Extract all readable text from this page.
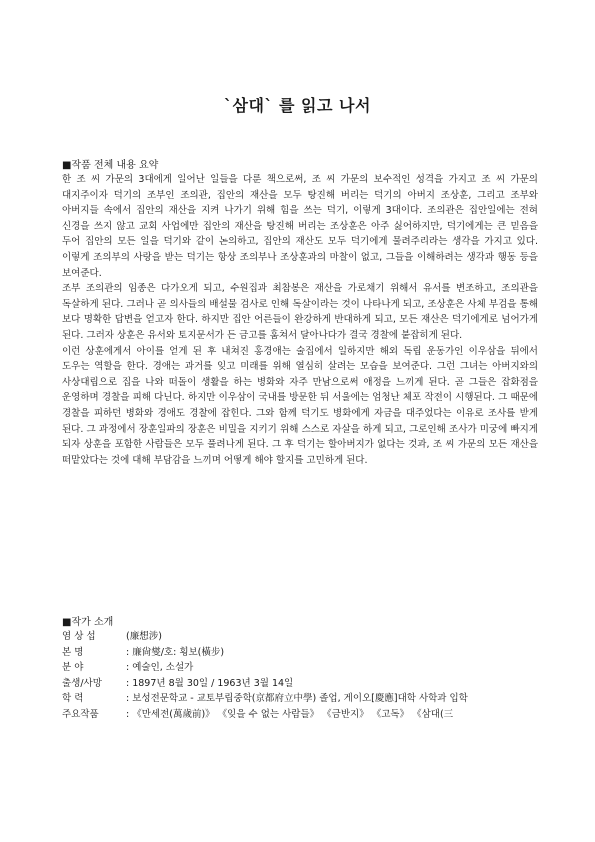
`삼대` 를 읽고 나서
■작품 전체 내용 요약

한 조 씨 가문의 3대에게 일어난 일들을 다룬 책으로써, 조 씨 가문의 보수적인 성격을 가지고 조 씨 가문의 대지주이자 덕기의 조부인 조의관, 집안의 재산을 모두 탕진해 버리는 덕기의 아버지 조상훈, 그리고 조부와 아버지들 속에서 집안의 재산을 지켜 나가기 위해 힘을 쓰는 덕기, 이렇게 3대이다. 조의관은 집안일에는 전혀 신경을 쓰지 않고 교회 사업에만 집안의 재산을 탕진해 버리는 조상훈은 아주 싫어하지만, 덕기에게는 큰 믿음을 두어 집안의 모든 일을 덕기와 같이 논의하고, 집안의 재산도 모두 덕기에게 물려주리라는 생각을 가지고 있다. 이렇게 조의부의 사랑을 받는 덕기는 항상 조의부나 조상훈과의 마찰이 없고, 그들을 이해하려는 생각과 행동 등을 보여준다.

조부 조의관의 임종은 다가오게 되고, 수원집과 최참봉은 재산을 가로채기 위해서 유서를 변조하고, 조의관을 독살하게 된다. 그러나 곧 의사들의 배설물 검사로 인해 독살이라는 것이 나타나게 되고, 조상훈은 사체 부검을 통해 보다 명확한 답변을 얻고자 한다. 하지만 집안 어른들이 완강하게 반대하게 되고, 모든 재산은 덕기에게로 넘어가게 된다. 그러자 상훈은 유서와 토지문서가 든 금고를 훔쳐서 달아나다가 결국 경찰에 붙잡히게 된다.

이런 상훈에게서 아이를 얻게 된 후 내쳐진 홍경애는 술집에서 일하지만 해외 독립 운동가인 이우삼을 뒤에서 도우는 역할을 한다. 경애는 과거를 잊고 미래를 위해 열심히 살려는 모습을 보여준다. 그런 그녀는 아버지와의 사상대립으로 집을 나와 떠돌이 생활을 하는 병화와 자주 만남으로써 애정을 느끼게 된다. 곧 그들은 잡화점을 운영하며 경찰을 피해 다닌다. 하지만 이우삼이 국내를 방문한 뒤 서울에는 엄청난 체포 작전이 시행된다. 그 때문에 경찰을 피하던 병화와 경애도 경찰에 잡힌다. 그와 함께 덕기도 병화에게 자금을 대주었다는 이유로 조사를 받게 된다. 그 과정에서 장훈일파의 장훈은 비밀을 지키기 위해 스스로 자살을 하게 되고, 그로인해 조사가 미궁에 빠지게 되자 상훈을 포함한 사람들은 모두 풀려나게 된다. 그 후 덕기는 할아버지가 없다는 것과, 조 씨 가문의 모든 재산을 떠맡았다는 것에 대해 부담감을 느끼며 어떻게 해야 할지를 고민하게 된다.

■작가 소개
염 상 섭	(廉想涉)
본 명	: 廉尙燮/호: 횡보(橫步)
분 야	: 예술인, 소설가
출생/사망	: 1897년 8월 30일 / 1963년 3월 14일
학 력	: 보성전문학교 - 교토부립중학(京都府立中學) 졸업, 게이오[慶應]대학 사학과 입학
주요작품	: 《만세전(萬歲前)》 《잊을 수 없는 사람들》 《금반지》 《고독》 《삼대(三
